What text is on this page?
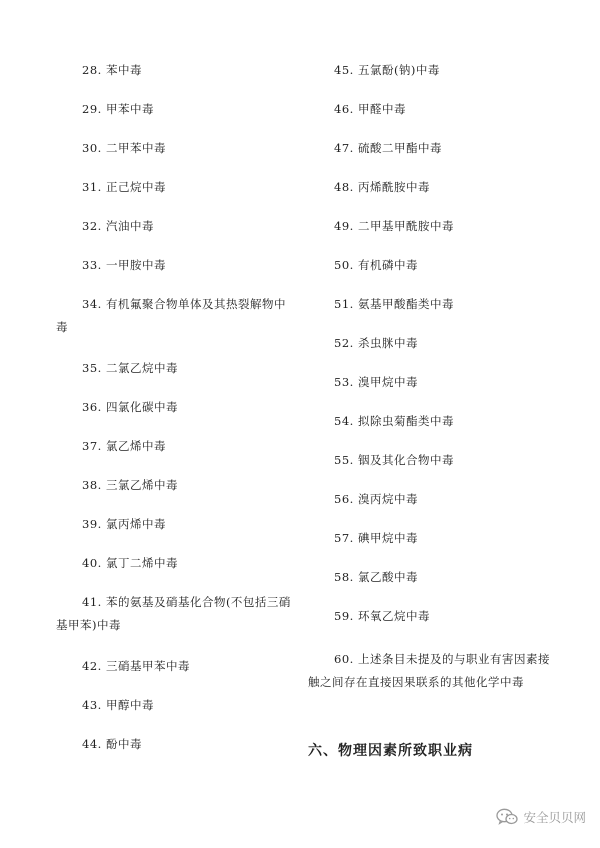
28. 苯中毒
29. 甲苯中毒
30. 二甲苯中毒
31. 正己烷中毒
32. 汽油中毒
33. 一甲胺中毒
34. 有机氟聚合物单体及其热裂解物中毒
35. 二氯乙烷中毒
36. 四氯化碳中毒
37. 氯乙烯中毒
38. 三氯乙烯中毒
39. 氯丙烯中毒
40. 氯丁二烯中毒
41. 苯的氨基及硝基化合物(不包括三硝基甲苯)中毒
42. 三硝基甲苯中毒
43. 甲醇中毒
44. 酚中毒
45. 五氯酚(钠)中毒
46. 甲醛中毒
47. 硫酸二甲酯中毒
48. 丙烯酰胺中毒
49. 二甲基甲酰胺中毒
50. 有机磷中毒
51. 氨基甲酸酯类中毒
52. 杀虫脒中毒
53. 溴甲烷中毒
54. 拟除虫菊酯类中毒
55. 铟及其化合物中毒
56. 溴丙烷中毒
57. 碘甲烷中毒
58. 氯乙酸中毒
59. 环氧乙烷中毒
60. 上述条目未提及的与职业有害因素接触之间存在直接因果联系的其他化学中毒
六、物理因素所致职业病
安全贝贝网
